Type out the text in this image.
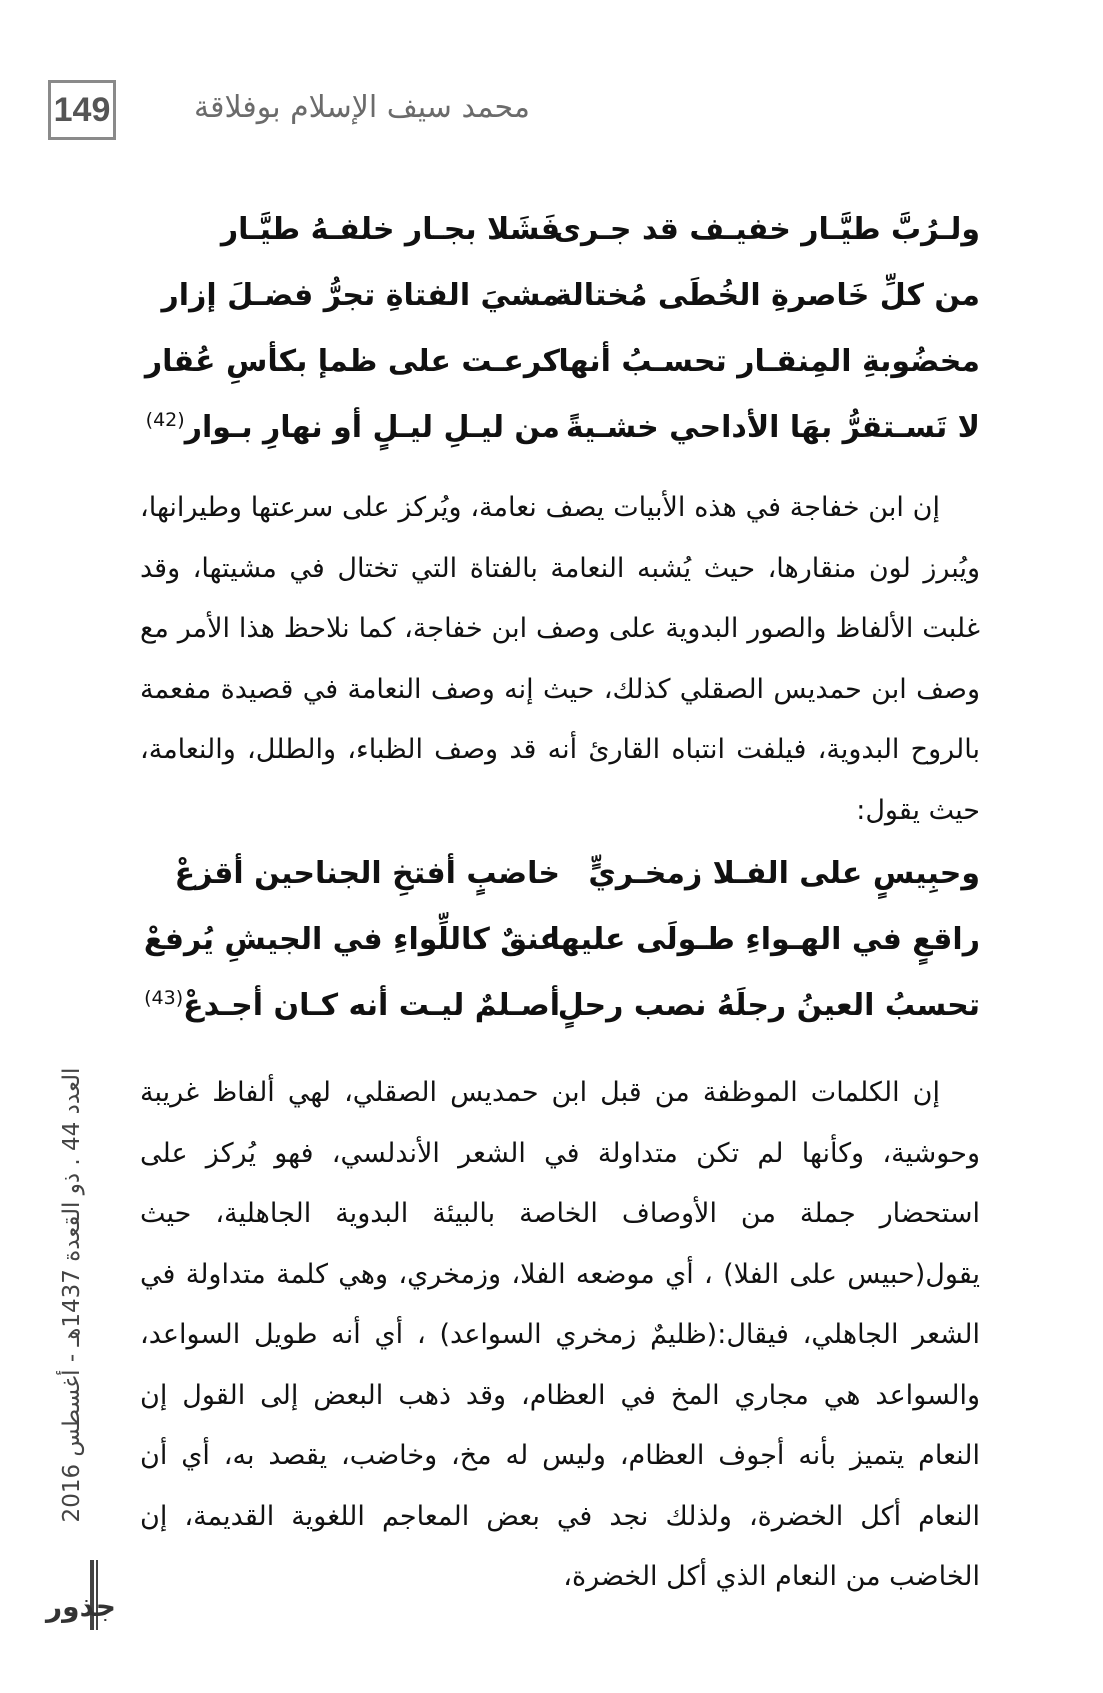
149	محمد سيف الإسلام بوفلاقة
ولـرُبَّ طيَّـار خفيـف قد جـرى
فَشَلا بجـار خلفـهُ طيَّـار
من كلِّ خَاصرةِ الخُطَى مُختالة
مشيَ الفتاةِ تجرُّ فضـلَ إزار
مخضُوبةِ المِنقـار تحسـبُ أنها
كرعـت على ظمإ بكأسِ عُقار
لا تَسـتقرُّ بهَا الأداحي خشـيةً
من ليـلِ ليـلٍ أو نهارِ بـوار$^{(42)}$

إن ابن خفاجة في هذه الأبيات يصف نعامة، ويُركز على سرعتها وطيرانها، ويُبرز لون منقارها، حيث يُشبه النعامة بالفتاة التي تختال في مشيتها، وقد غلبت الألفاظ والصور البدوية على وصف ابن خفاجة، كما نلاحظ هذا الأمر مع وصف ابن حمديس الصقلي كذلك، حيث إنه وصف النعامة في قصيدة مفعمة بالروح البدوية، فيلفت انتباه القارئ أنه قد وصف الظباء، والطلل، والنعامة، حيث يقول:

وحبِيسٍ على الفـلا زمخـريٍّ
خاضبٍ أفتخِ الجناحين أقزعْ
راقعٍ في الهـواءِ طـولَى عليها
عنقٌ كاللِّواءِ في الجيشِ يُرفعْ
تحسبُ العينُ رجلَهُ نصب رحلٍ
أصـلمٌ ليـت أنه كـان أجـدعْ$^{(43)}$

إن الكلمات الموظفة من قبل ابن حمديس الصقلي، لهي ألفاظ غريبة وحوشية، وكأنها لم تكن متداولة في الشعر الأندلسي، فهو يُركز على استحضار جملة من الأوصاف الخاصة بالبيئة البدوية الجاهلية، حيث يقول(حبيس على الفلا) ، أي موضعه الفلا، وزمخري، وهي كلمة متداولة في الشعر الجاهلي، فيقال:(ظليمٌ زمخري السواعد) ، أي أنه طويل السواعد، والسواعد هي مجاري المخ في العظام، وقد ذهب البعض إلى القول إن النعام يتميز بأنه أجوف العظام، وليس له مخ، وخاضب، يقصد به، أي أن النعام أكل الخضرة، ولذلك نجد في بعض المعاجم اللغوية القديمة، إن الخاضب من النعام الذي أكل الخضرة،

العدد 44 . ذو القعدة 1437هـ - أغسطس 2016
جذور
